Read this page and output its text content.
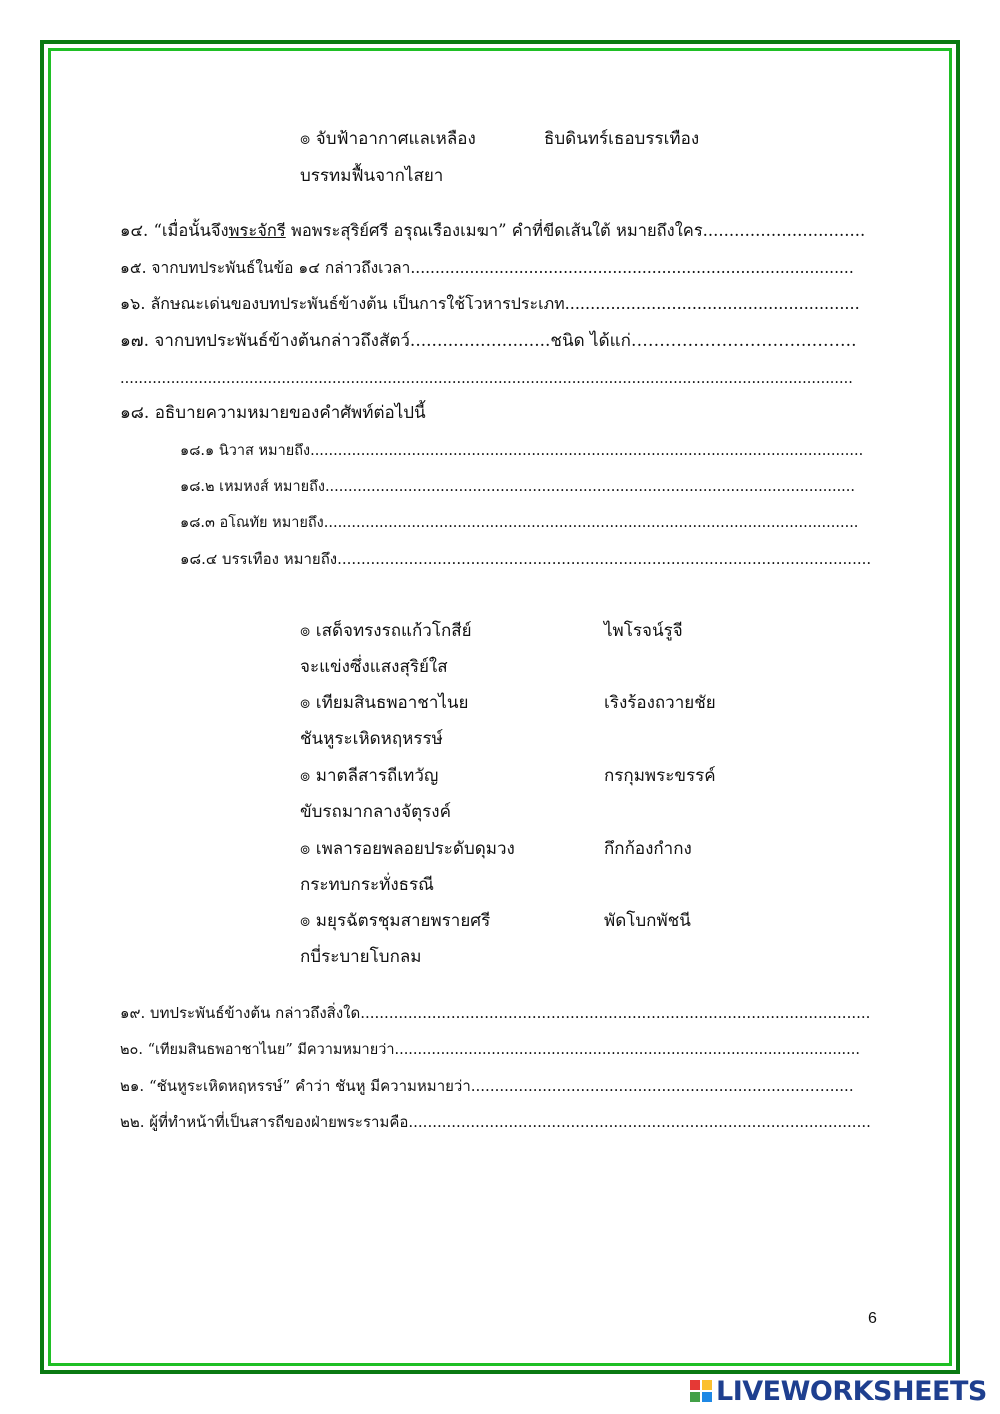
๏ จับฟ้าอากาศแลเหลือง	ธิบดินทร์เธอบรรเทือง
บรรทมฟื้นจากไสยา
๑๔. “เมื่อนั้นจึงพระจักรี พอพระสุริย์ศรี อรุณเรืองเมฆา” คำที่ขีดเส้นใต้ หมายถึงใคร...............................
๑๕. จากบทประพันธ์ในข้อ ๑๔ กล่าวถึงเวลา..........................................................................................
๑๖. ลักษณะเด่นของบทประพันธ์ข้างต้น เป็นการใช้โวหารประเภท..........................................................
๑๗. จากบทประพันธ์ข้างต้นกล่าวถึงสัตว์..........................ชนิด ได้แก่…………………………..……..
...............................................................................................................................................................
๑๘. อธิบายความหมายของคำศัพท์ต่อไปนี้
๑๘.๑ นิวาส หมายถึง........................................................................................................................
๑๘.๒ เหมหงส์ หมายถึง...................................................................................................................
๑๘.๓ อโณทัย หมายถึง....................................................................................................................
๑๘.๔ บรรเทือง หมายถึง................................................................................................................
๏ เสด็จทรงรถแก้วโกสีย์	ไพโรจน์รูจี
จะแข่งซึ่งแสงสุริย์ใส
๏ เทียมสินธพอาชาไนย	เริงร้องถวายชัย
ชันหูระเหิดหฤหรรษ์
๏ มาตลีสารถีเทวัญ	กรกุมพระขรรค์
ขับรถมากลางจัตุรงค์
๏ เพลารอยพลอยประดับดุมวง	กึกก้องกำกง
กระทบกระทั่งธรณี
๏ มยุรฉัตรชุมสายพรายศรี	พัดโบกพัชนี
กบี่ระบายโบกลม
๑๙. บทประพันธ์ข้างต้น กล่าวถึงสิ่งใด...........................................................................................................
๒๐. “เทียมสินธพอาชาไนย” มีความหมายว่า.....................................................................................................
๒๑. “ชันหูระเหิดหฤหรรษ์” คำว่า ชันหู มีความหมายว่า.....................................................................…….....
๒๒. ผู้ที่ทำหน้าที่เป็นสารถีของฝ่ายพระรามคือ.................................................................................................
6
LIVEWORKSHEETS
